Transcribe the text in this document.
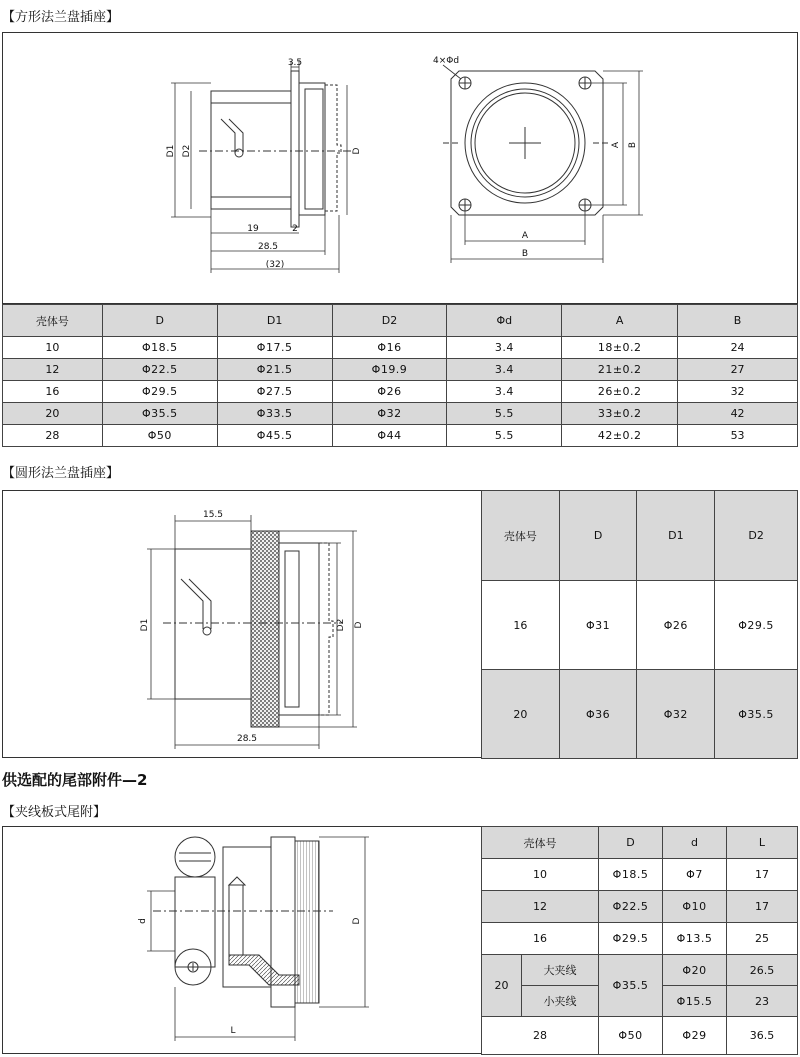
【方形法兰盘插座】
3.5
19	2
28.5
(32)
D1 D2	D
4×Φd
A B
A
B
壳体号	D	D1	D2	Φd	A	B
10	Φ18.5	Φ17.5	Φ16	3.4	18±0.2	24
12	Φ22.5	Φ21.5	Φ19.9	3.4	21±0.2	27
16	Φ29.5	Φ27.5	Φ26	3.4	26±0.2	32
20	Φ35.5	Φ33.5	Φ32	5.5	33±0.2	42
28	Φ50	Φ45.5	Φ44	5.5	42±0.2	53
【圆形法兰盘插座】
15.5
28.5
D1	D2 D
壳体号	D	D1	D2
16	Φ31	Φ26	Φ29.5
20	Φ36	Φ32	Φ35.5
供选配的尾部附件—2
【夹线板式尾附】
d	D
L
壳体号		D	d	L
10		Φ18.5	Φ7	17
12		Φ22.5	Φ10	17
16		Φ29.5	Φ13.5	25
20	大夹线	Φ35.5	Φ20	26.5
	小夹线		Φ15.5	23
28		Φ50	Φ29	36.5
